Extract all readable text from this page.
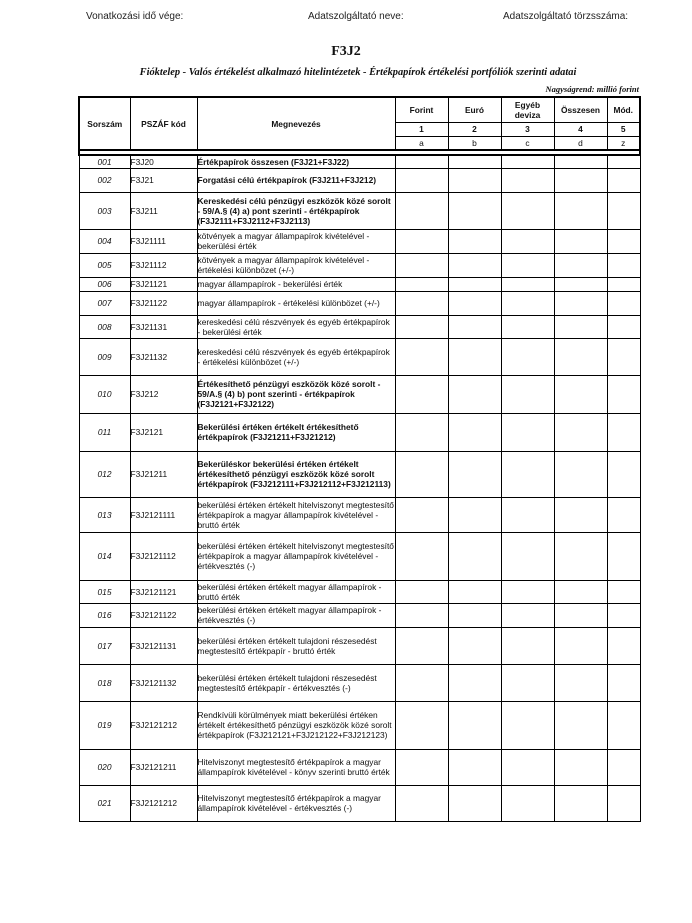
Vonatkozási idő vége:	Adatszolgáltató neve:	Adatszolgáltató törzsszáma:
F3J2
Fióktelep - Valós értékelést alkalmazó hitelintézetek - Értékpapírok értékelési portfóliók szerinti adatai
Nagyságrend: millió forint
Sorszám	PSZÁF kód	Megnevezés	Forint	Euró	Egyéb deviza	Összesen	Mód.
			1	2	3	4	5
			a	b	c	d	z

001	F3J20	Értékpapírok összesen (F3J21+F3J22)					
002	F3J21	Forgatási célú értékpapírok (F3J211+F3J212)					
003	F3J211	Kereskedési célú pénzügyi eszközök közé sorolt - 59/A.§ (4) a) pont szerinti - értékpapírok (F3J2111+F3J2112+F3J2113)					
004	F3J21111	kötvények a magyar állampapírok kivételével - bekerülési érték					
005	F3J21112	kötvények a magyar állampapírok kivételével - értékelési különbözet (+/-)					
006	F3J21121	magyar állampapírok - bekerülési érték					
007	F3J21122	magyar állampapírok - értékelési különbözet (+/-)					
008	F3J21131	kereskedési célú részvények és egyéb értékpapírok - bekerülési érték					
009	F3J21132	kereskedési célú részvények és egyéb értékpapírok - értékelési különbözet (+/-)					
010	F3J212	Értékesíthető pénzügyi eszközök közé sorolt - 59/A.§ (4) b) pont szerinti - értékpapírok (F3J2121+F3J2122)					
011	F3J2121	Bekerülési értéken értékelt értékesíthető értékpapírok (F3J21211+F3J21212)					
012	F3J21211	Bekerüléskor bekerülési értéken értékelt értékesíthető pénzügyi eszközök közé sorolt értékpapírok (F3J212111+F3J212112+F3J212113)					
013	F3J2121111	bekerülési értéken értékelt hitelviszonyt megtestesítő értékpapírok a magyar állampapírok kivételével - bruttó érték					
014	F3J2121112	bekerülési értéken értékelt hitelviszonyt megtestesítő értékpapírok a magyar állampapírok kivételével - értékvesztés (-)					
015	F3J2121121	bekerülési értéken értékelt magyar állampapírok - bruttó érték					
016	F3J2121122	bekerülési értéken értékelt magyar állampapírok - értékvesztés (-)					
017	F3J2121131	bekerülési értéken értékelt tulajdoni részesedést megtestesítő értékpapír - bruttó érték					
018	F3J2121132	bekerülési értéken értékelt tulajdoni részesedést megtestesítő értékpapír - értékvesztés (-)					
019	F3J2121212	Rendkívüli körülmények miatt bekerülési értéken értékelt értékesíthető pénzügyi eszközök közé sorolt értékpapírok (F3J212121+F3J212122+F3J212123)					
020	F3J2121211	Hitelviszonyt megtestesítő értékpapírok a magyar állampapírok kivételével - könyv szerinti bruttó érték					
021	F3J2121212	Hitelviszonyt megtestesítő értékpapírok a magyar állampapírok kivételével - értékvesztés (-)					
